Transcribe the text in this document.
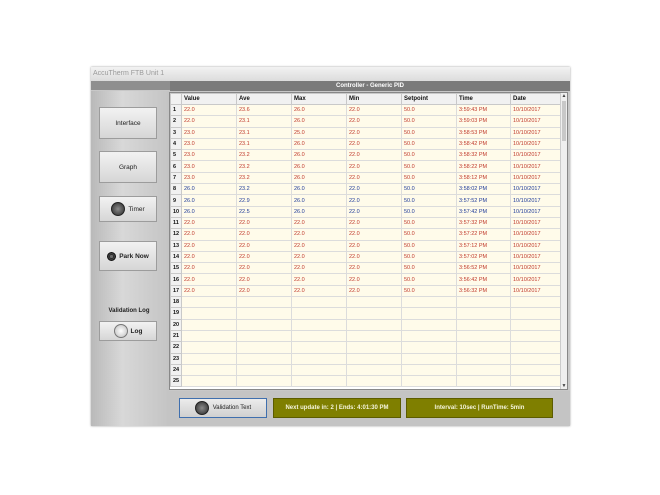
AccuTherm FTB Unit 1
Controller - Generic PID
Interface
Graph
Timer
Park Now
Validation Log
Log
	Value	Ave	Max	Min	Setpoint	Time	Date
1	22.0	23.6	26.0	22.0	50.0	3:59:43 PM	10/10/2017
2	22.0	23.1	26.0	22.0	50.0	3:59:03 PM	10/10/2017
3	23.0	23.1	25.0	22.0	50.0	3:58:53 PM	10/10/2017
4	23.0	23.1	26.0	22.0	50.0	3:58:42 PM	10/10/2017
5	23.0	23.2	26.0	22.0	50.0	3:58:32 PM	10/10/2017
6	23.0	23.2	26.0	22.0	50.0	3:58:22 PM	10/10/2017
7	23.0	23.2	26.0	22.0	50.0	3:58:12 PM	10/10/2017
8	26.0	23.2	26.0	22.0	50.0	3:58:02 PM	10/10/2017
9	26.0	22.9	26.0	22.0	50.0	3:57:52 PM	10/10/2017
10	26.0	22.5	26.0	22.0	50.0	3:57:42 PM	10/10/2017
11	22.0	22.0	22.0	22.0	50.0	3:57:32 PM	10/10/2017
12	22.0	22.0	22.0	22.0	50.0	3:57:22 PM	10/10/2017
13	22.0	22.0	22.0	22.0	50.0	3:57:12 PM	10/10/2017
14	22.0	22.0	22.0	22.0	50.0	3:57:02 PM	10/10/2017
15	22.0	22.0	22.0	22.0	50.0	3:56:52 PM	10/10/2017
16	22.0	22.0	22.0	22.0	50.0	3:56:42 PM	10/10/2017
17	22.0	22.0	22.0	22.0	50.0	3:56:32 PM	10/10/2017
18							
19							
20							
21							
22							
23							
24							
25							
▲
▼
Validation Text	Next update in: 2 | Ends: 4:01:30 PM	Interval: 10sec | RunTime: 5min
